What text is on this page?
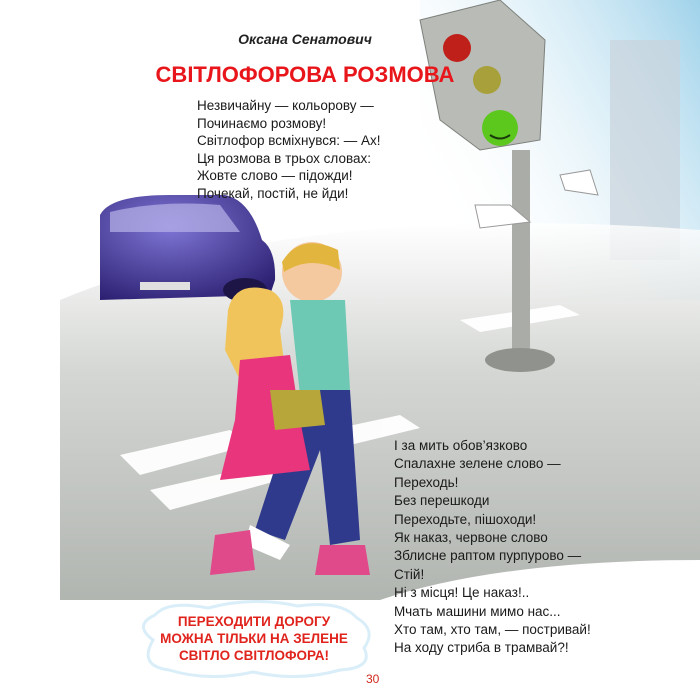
Оксана Сенатович
СВІТЛОФОРОВА РОЗМОВА
Незвичайну — кольорову —
Починаємо розмову!
Світлофор всміхнувся: — Ах!
Ця розмова в трьох словах:
Жовте слово — підожди!
Почекай, постій, не йди!
І за мить обов’язково
Спалахне зелене слово —
Переходь!
Без перешкоди
Переходьте, пішоходи!
Як наказ, червоне слово
Зблисне раптом пурпурово —
Стій!
Ні з місця! Це наказ!..
Мчать машини мимо нас...
Хто там, хто там, — постривай!
На ходу стриба в трамвай?!
ПЕРЕХОДИТИ ДОРОГУ
МОЖНА ТІЛЬКИ НА ЗЕЛЕНЕ
СВІТЛО СВІТЛОФОРА!
30
